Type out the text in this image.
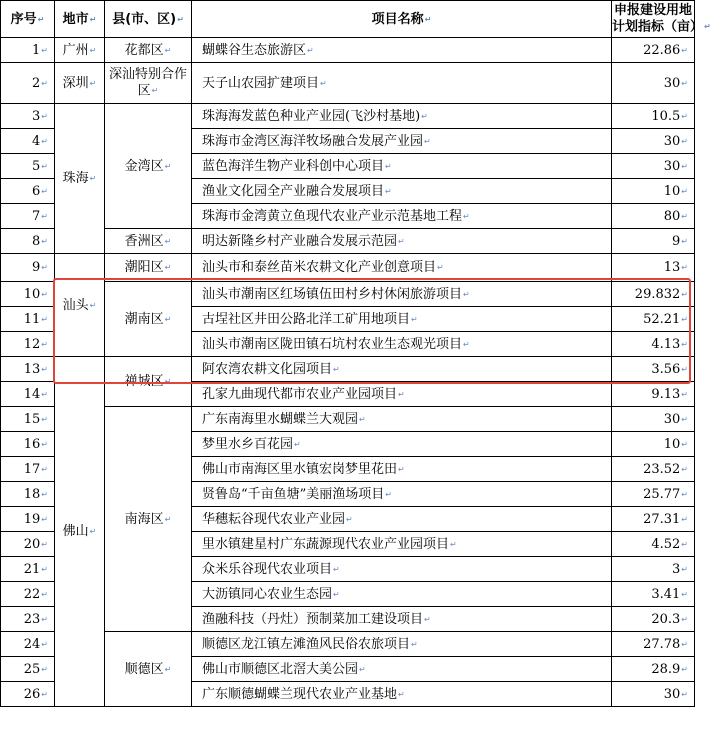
序号↵	地市↵	县(市、区)↵	项目名称↵	申报建设用地
计划指标（亩）↵
1↵	广州↵	花都区↵	蝴蝶谷生态旅游区↵	22.86↵
2↵	深圳↵	深汕特别合作区↵	天子山农园扩建项目↵	30↵
3↵	珠海↵	金湾区↵	珠海海发蓝色种业产业园(飞沙村基地)↵	10.5↵
4↵			珠海市金湾区海洋牧场融合发展产业园↵	30↵
5↵			蓝色海洋生物产业科创中心项目↵	30↵
6↵			渔业文化园全产业融合发展项目↵	10↵
7↵			珠海市金湾黄立鱼现代农业产业示范基地工程↵	80↵
8↵		香洲区↵	明达新隆乡村产业融合发展示范园↵	9↵
9↵	汕头↵	潮阳区↵	汕头市和泰丝苗米农耕文化产业创意项目↵	13↵
10↵		潮南区↵	汕头市潮南区红场镇伍田村乡村休闲旅游项目↵	29.832↵
11↵			古埕社区井田公路北洋工矿用地项目↵	52.21↵
12↵			汕头市潮南区陇田镇石坑村农业生态观光项目↵	4.13↵
13↵	佛山↵	禅城区↵	阿农湾农耕文化园项目↵	3.56↵
14↵			孔家九曲现代都市农业产业园项目↵	9.13↵
15↵		南海区↵	广东南海里水蝴蝶兰大观园↵	30↵
16↵			梦里水乡百花园↵	10↵
17↵			佛山市南海区里水镇宏岗梦里花田↵	23.52↵
18↵			贤鲁岛“千亩鱼塘”美丽渔场项目↵	25.77↵
19↵			华穗耘谷现代农业产业园↵	27.31↵
20↵			里水镇建星村广东蔬源现代农业产业园项目↵	4.52↵
21↵			众米乐谷现代农业项目↵	3↵
22↵			大沥镇同心农业生态园↵	3.41↵
23↵			渔融科技（丹灶）预制菜加工建设项目↵	20.3↵
24↵		顺德区↵	顺德区龙江镇左滩渔风民俗农旅项目↵	27.78↵
25↵			佛山市顺德区北滘大美公园↵	28.9↵
26↵			广东顺德蝴蝶兰现代农业产业基地↵	30↵
